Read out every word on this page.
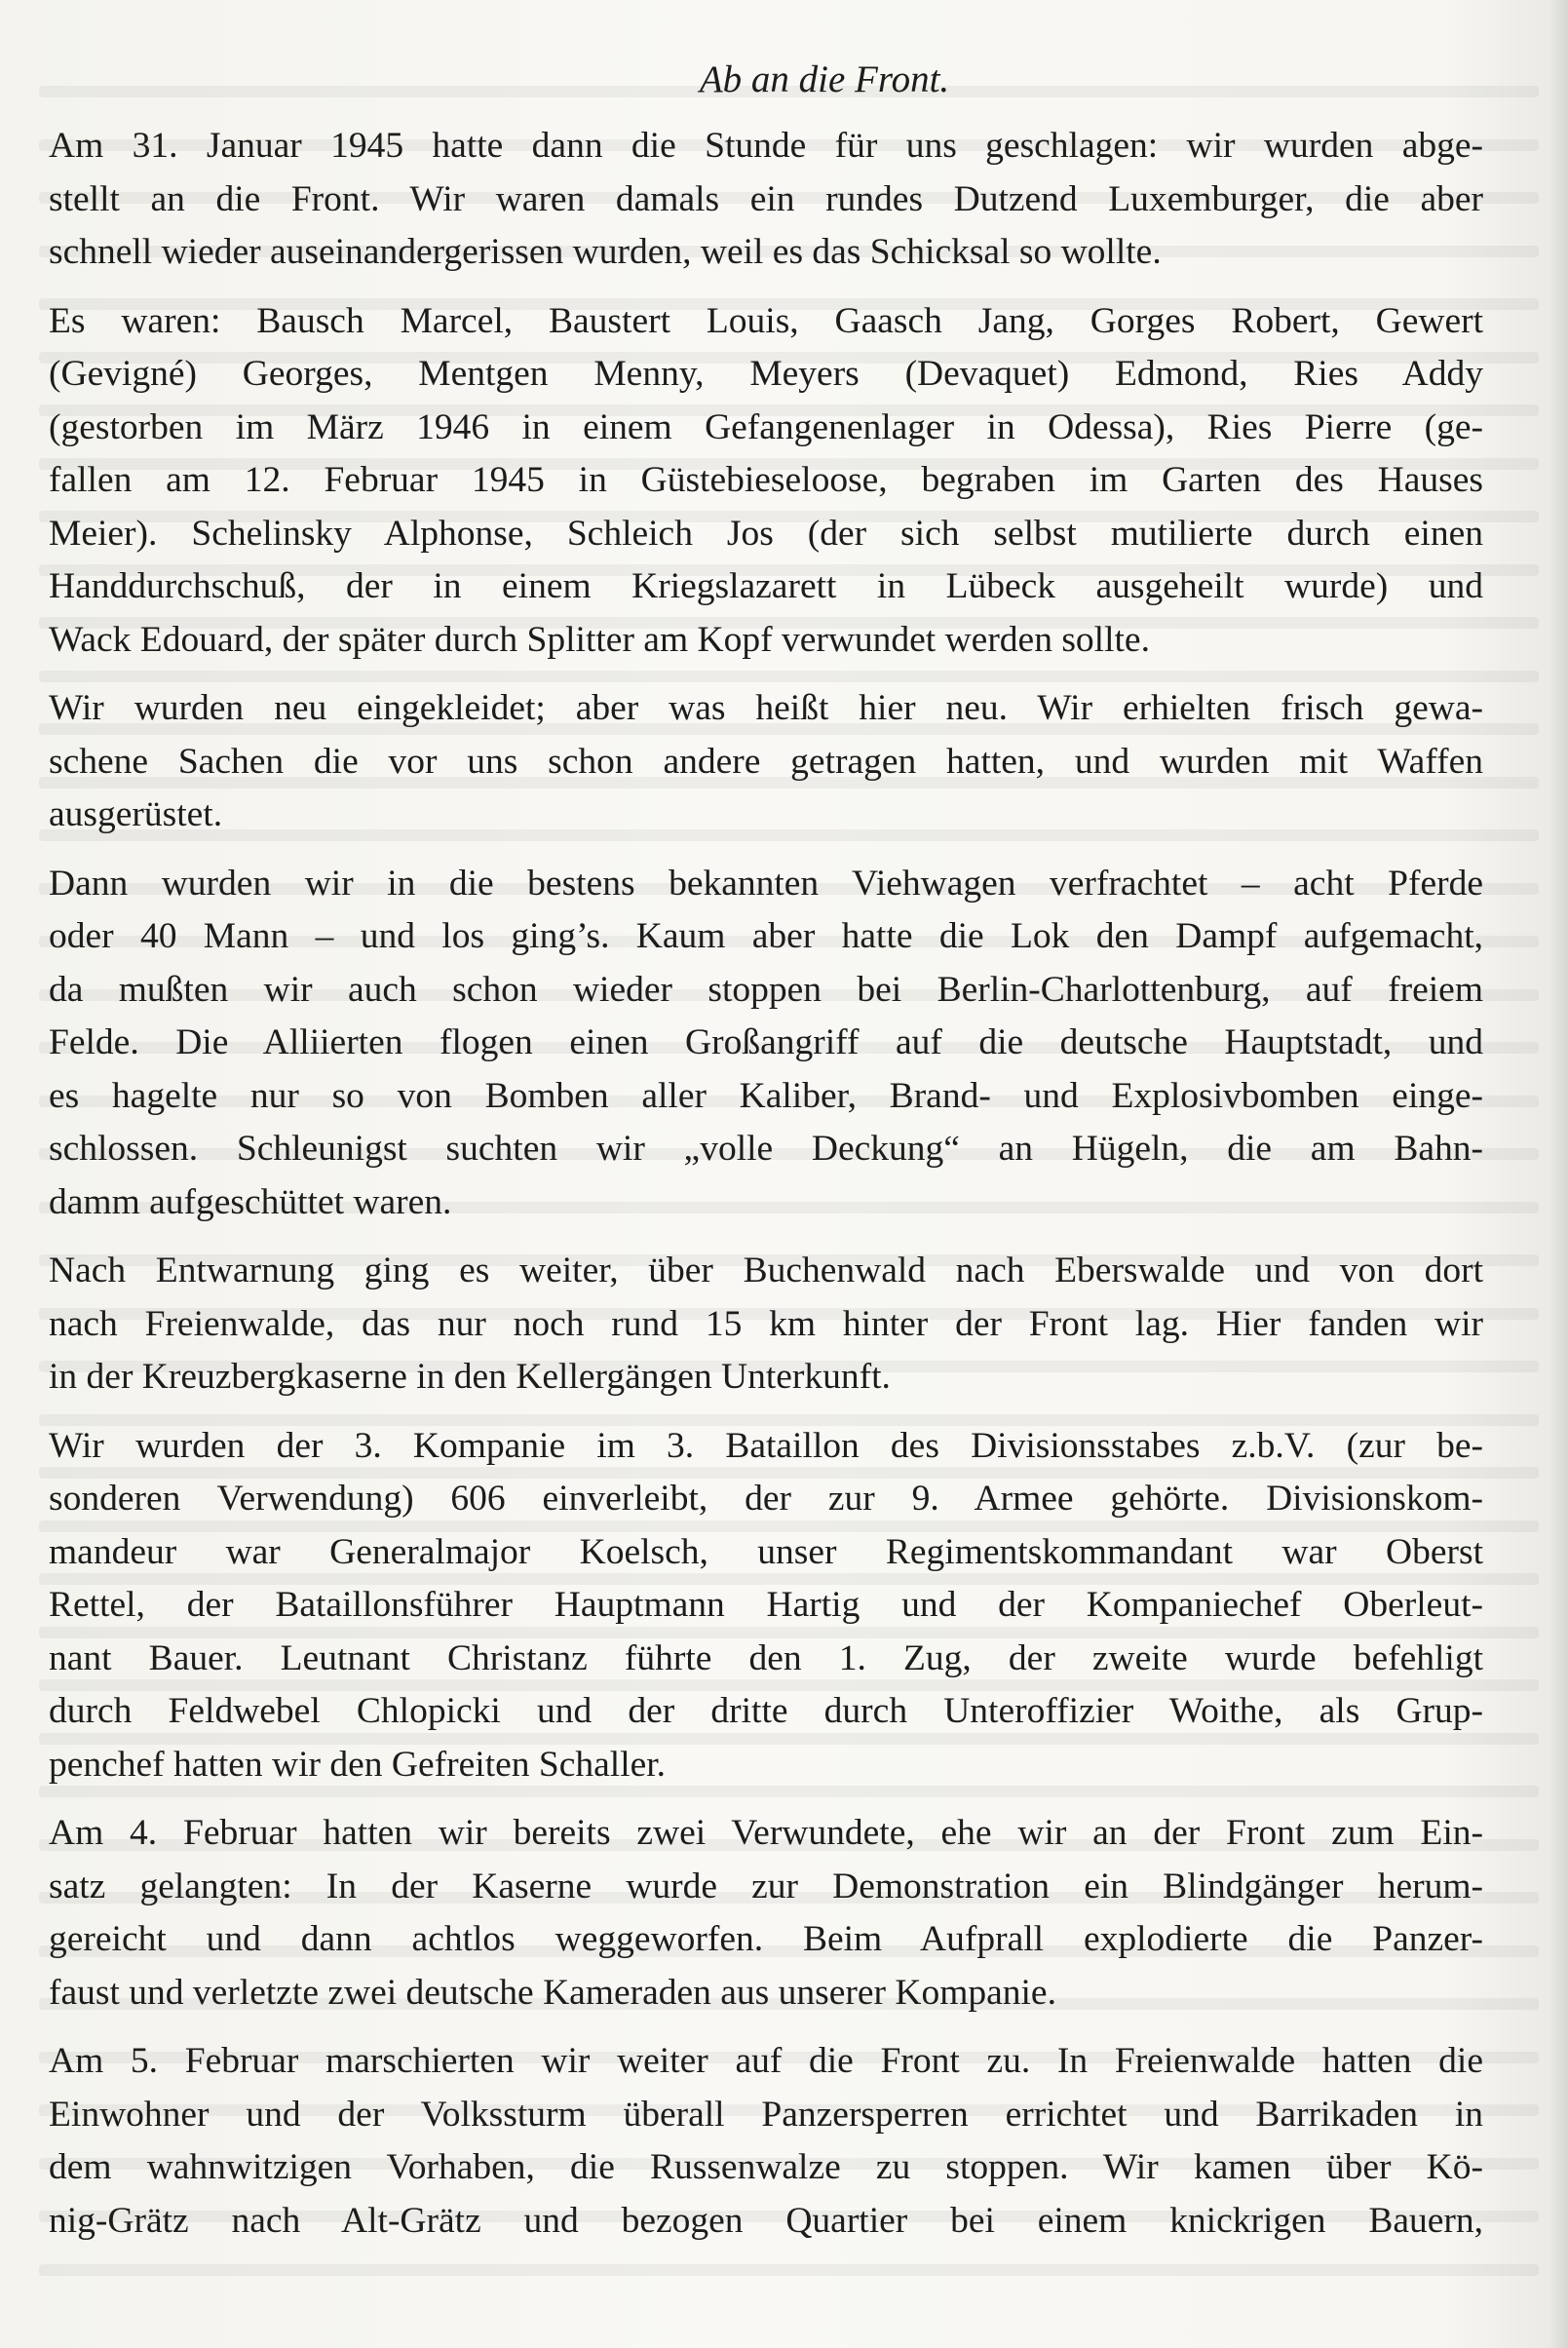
Ab an die Front.
Am 31. Januar 1945 hatte dann die Stunde für uns geschlagen: wir wurden abge-
stellt an die Front. Wir waren damals ein rundes Dutzend Luxemburger, die aber
schnell wieder auseinandergerissen wurden, weil es das Schicksal so wollte.
Es waren: Bausch Marcel, Baustert Louis, Gaasch Jang, Gorges Robert, Gewert
(Gevigné) Georges, Mentgen Menny, Meyers (Devaquet) Edmond, Ries Addy
(gestorben im März 1946 in einem Gefangenenlager in Odessa), Ries Pierre (ge-
fallen am 12. Februar 1945 in Güstebieseloose, begraben im Garten des Hauses
Meier). Schelinsky Alphonse, Schleich Jos (der sich selbst mutilierte durch einen
Handdurchschuß, der in einem Kriegslazarett in Lübeck ausgeheilt wurde) und
Wack Edouard, der später durch Splitter am Kopf verwundet werden sollte.
Wir wurden neu eingekleidet; aber was heißt hier neu. Wir erhielten frisch gewa-
schene Sachen die vor uns schon andere getragen hatten, und wurden mit Waffen
ausgerüstet.
Dann wurden wir in die bestens bekannten Viehwagen verfrachtet – acht Pferde
oder 40 Mann – und los ging’s. Kaum aber hatte die Lok den Dampf aufgemacht,
da mußten wir auch schon wieder stoppen bei Berlin-Charlottenburg, auf freiem
Felde. Die Alliierten flogen einen Großangriff auf die deutsche Hauptstadt, und
es hagelte nur so von Bomben aller Kaliber, Brand- und Explosivbomben einge-
schlossen. Schleunigst suchten wir „volle Deckung“ an Hügeln, die am Bahn-
damm aufgeschüttet waren.
Nach Entwarnung ging es weiter, über Buchenwald nach Eberswalde und von dort
nach Freienwalde, das nur noch rund 15 km hinter der Front lag. Hier fanden wir
in der Kreuzbergkaserne in den Kellergängen Unterkunft.
Wir wurden der 3. Kompanie im 3. Bataillon des Divisionsstabes z.b.V. (zur be-
sonderen Verwendung) 606 einverleibt, der zur 9. Armee gehörte. Divisionskom-
mandeur war Generalmajor Koelsch, unser Regimentskommandant war Oberst
Rettel, der Bataillonsführer Hauptmann Hartig und der Kompaniechef Oberleut-
nant Bauer. Leutnant Christanz führte den 1. Zug, der zweite wurde befehligt
durch Feldwebel Chlopicki und der dritte durch Unteroffizier Woithe, als Grup-
penchef hatten wir den Gefreiten Schaller.
Am 4. Februar hatten wir bereits zwei Verwundete, ehe wir an der Front zum Ein-
satz gelangten: In der Kaserne wurde zur Demonstration ein Blindgänger herum-
gereicht und dann achtlos weggeworfen. Beim Aufprall explodierte die Panzer-
faust und verletzte zwei deutsche Kameraden aus unserer Kompanie.
Am 5. Februar marschierten wir weiter auf die Front zu. In Freienwalde hatten die
Einwohner und der Volkssturm überall Panzersperren errichtet und Barrikaden in
dem wahnwitzigen Vorhaben, die Russenwalze zu stoppen. Wir kamen über Kö-
nig-Grätz nach Alt-Grätz und bezogen Quartier bei einem knickrigen Bauern,
